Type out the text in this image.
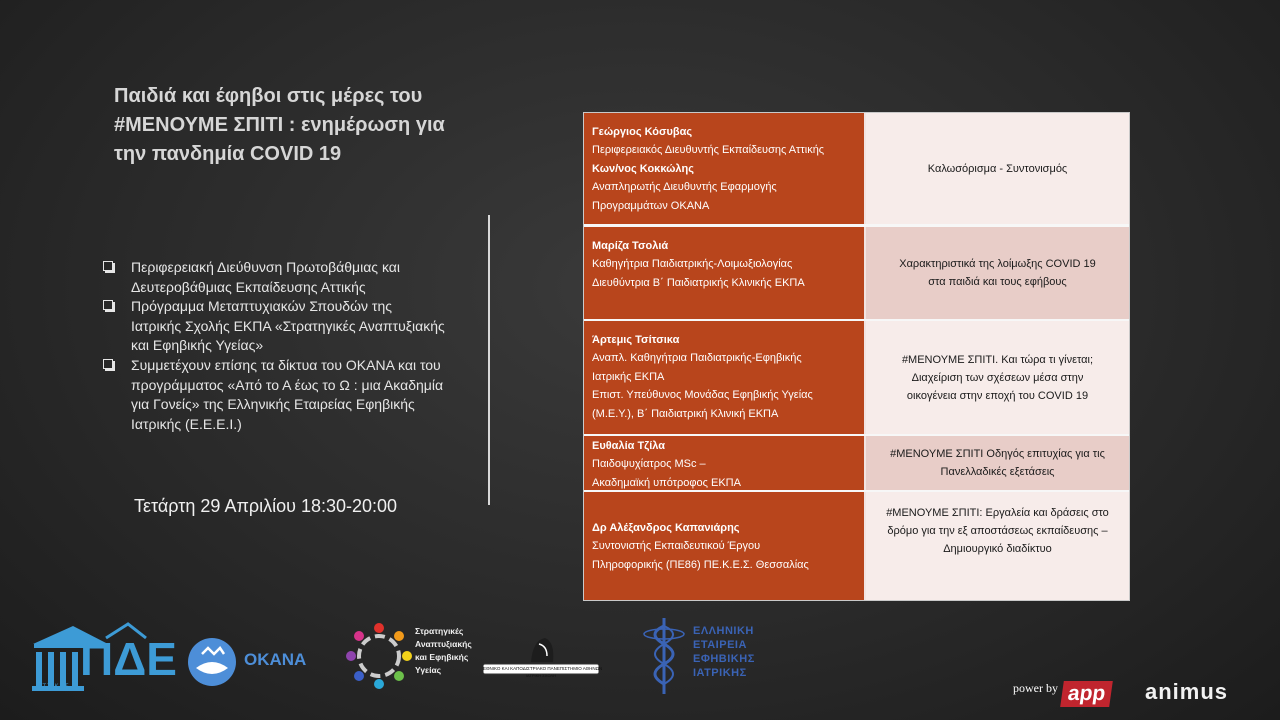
Παιδιά και έφηβοι στις μέρες του
#ΜΕΝΟΥΜΕ ΣΠΙΤΙ : ενημέρωση για
την πανδημία COVID 19
Περιφερειακή Διεύθυνση Πρωτοβάθμιας και
Δευτεροβάθμιας Εκπαίδευσης Αττικής
Πρόγραμμα Μεταπτυχιακών Σπουδών της
Ιατρικής Σχολής ΕΚΠΑ «Στρατηγικές Αναπτυξιακής
και Εφηβικής Υγείας»
Συμμετέχουν επίσης τα δίκτυα του ΟΚΑΝΑ και του
προγράμματος «Από το Α έως το Ω : μια Ακαδημία
για Γονείς» της Ελληνικής Εταιρείας Εφηβικής
Ιατρικής (Ε.Ε.Ε.Ι.)
Τετάρτη 29 Απριλίου 18:30-20:00
Γεώργιος Κόσυβας
Περιφερειακός Διευθυντής Εκπαίδευσης Αττικής
Κων/νος Κοκκώλης
Αναπληρωτής Διευθυντής Εφαρμογής
Προγραμμάτων ΟΚΑΝΑ
Καλωσόρισμα - Συντονισμός
Μαρίζα Τσολιά
Καθηγήτρια Παιδιατρικής-Λοιμωξιολογίας
Διευθύντρια Β΄ Παιδιατρικής Κλινικής ΕΚΠΑ
Χαρακτηριστικά της λοίμωξης COVID 19
στα παιδιά και τους εφήβους
Άρτεμις Τσίτσικα
Αναπλ. Καθηγήτρια Παιδιατρικής-Εφηβικής
Ιατρικής ΕΚΠΑ
Επιστ. Υπεύθυνος Μονάδας Εφηβικής Υγείας
(Μ.Ε.Υ.), Β΄ Παιδιατρική Κλινική ΕΚΠΑ
#ΜΕΝΟΥΜΕ ΣΠΙΤΙ. Και τώρα τι γίνεται;
Διαχείριση των σχέσεων μέσα στην
οικογένεια στην εποχή του COVID 19
Ευθαλία Τζίλα
Παιδοψυχίατρος MSc –
Ακαδημαϊκή υπότροφος ΕΚΠΑ
#ΜΕΝΟΥΜΕ ΣΠΙΤΙ Οδηγός επιτυχίας για τις
Πανελλαδικές εξετάσεις
Δρ Αλέξανδρος Καπανιάρης
Συντονιστής Εκπαιδευτικού Έργου
Πληροφορικής (ΠΕ86) ΠΕ.Κ.Ε.Σ. Θεσσαλίας
#ΜΕΝΟΥΜΕ ΣΠΙΤΙ: Εργαλεία και δράσεις στο
δρόμο για την εξ αποστάσεως εκπαίδευσης –
Δημιουργικό διαδίκτυο
ΠΔΕ
ΑΤΤΙΚΗΣ
ΟΚΑΝΑ
Στρατηγικές
Αναπτυξιακής
και Εφηβικής
Υγείας	ΕΘΝΙΚΟ ΚΑΙ ΚΑΠΟΔΙΣΤΡΙΑΚΟ ΠΑΝΕΠΙΣΤΗΜΙΟ ΑΘΗΝΩΝ
ΙΑΤΡΙΚΗ ΣΧΟΛΗ
ΕΛΛΗΝΙΚΗ
ΕΤΑΙΡΕΙΑ
ΕΦΗΒΙΚΗΣ
ΙΑΤΡΙΚΗΣ
power by app animus
